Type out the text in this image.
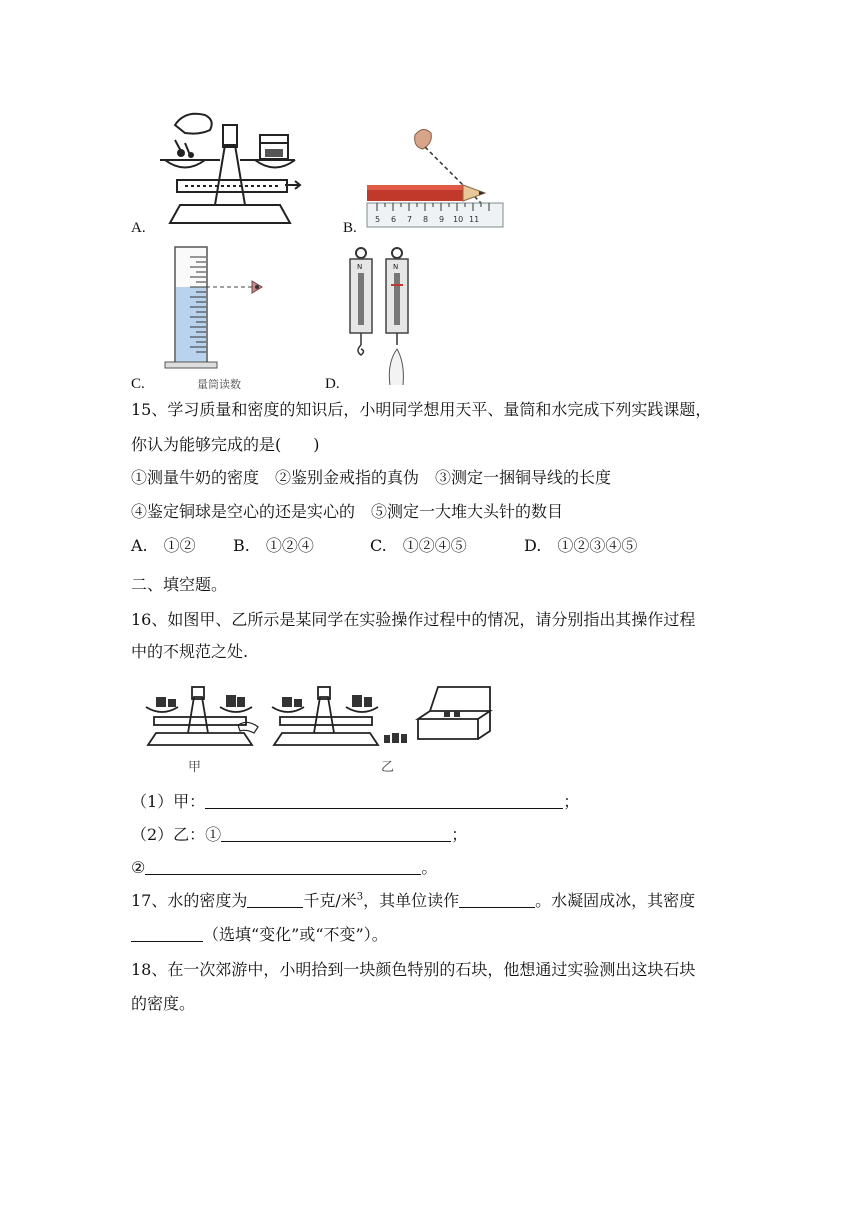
A.
5 6 7 8 9 10 11
B.
量筒读数
C.
N	N
D.
15、学习质量和密度的知识后，小明同学想用天平、量筒和水完成下列实践课题，
你认为能够完成的是(　　)
①测量牛奶的密度　②鉴别金戒指的真伪　③测定一捆铜导线的长度
④鉴定铜球是空心的还是实心的　⑤测定一大堆大头针的数目
A.　①② B.　①②④	C.　①②④⑤	D.　①②③④⑤
二、填空题。
16、如图甲、乙所示是某同学在实验操作过程中的情况，请分别指出其操作过程
中的不规范之处.
甲	乙
（1）甲：	；
（2）乙：①	；
②	。
17、水的密度为	千克/米$^3$，其单位读作	。水凝固成冰，其密度
（选填“变化”或“不变”）。
18、在一次郊游中，小明拾到一块颜色特别的石块，他想通过实验测出这块石块
的密度。
